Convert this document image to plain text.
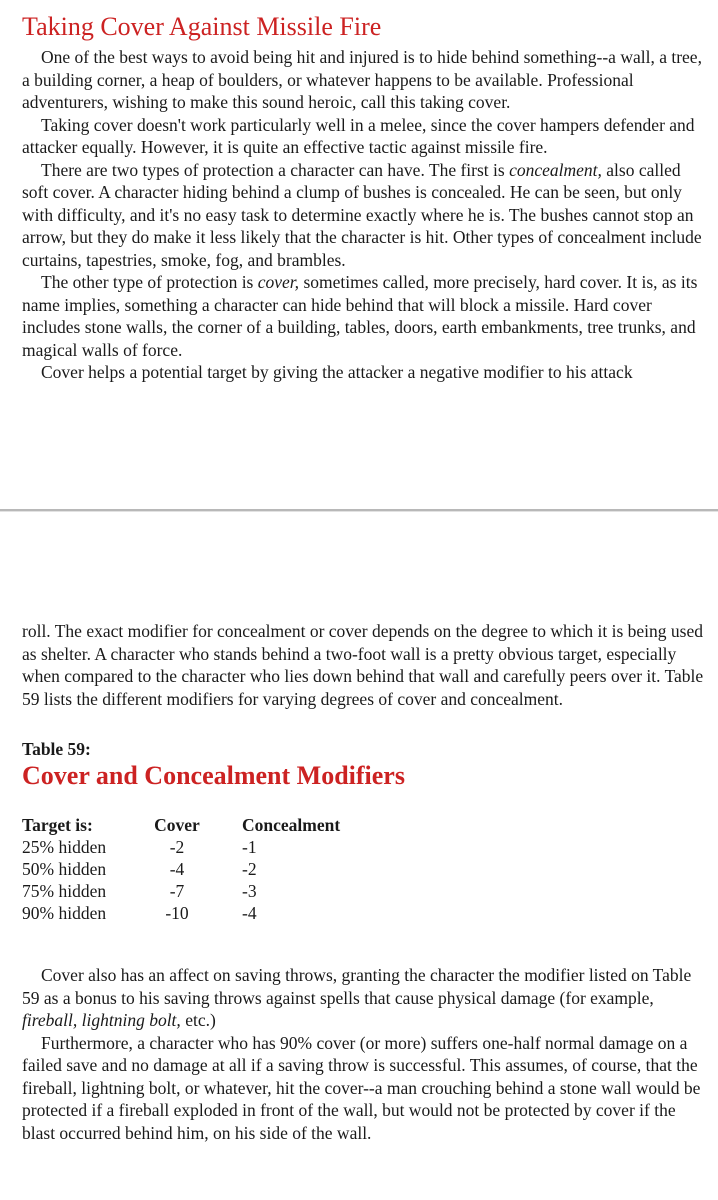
Taking Cover Against Missile Fire

One of the best ways to avoid being hit and injured is to hide behind something--a wall, a tree, a building corner, a heap of boulders, or whatever happens to be available. Professional adventurers, wishing to make this sound heroic, call this taking cover.

Taking cover doesn't work particularly well in a melee, since the cover hampers defender and attacker equally. However, it is quite an effective tactic against missile fire.

There are two types of protection a character can have. The first is concealment, also called soft cover. A character hiding behind a clump of bushes is concealed. He can be seen, but only with difficulty, and it's no easy task to determine exactly where he is. The bushes cannot stop an arrow, but they do make it less likely that the character is hit. Other types of concealment include curtains, tapestries, smoke, fog, and brambles.

The other type of protection is cover, sometimes called, more precisely, hard cover. It is, as its name implies, something a character can hide behind that will block a missile. Hard cover includes stone walls, the corner of a building, tables, doors, earth embankments, tree trunks, and magical walls of force.

Cover helps a potential target by giving the attacker a negative modifier to his attack

roll. The exact modifier for concealment or cover depends on the degree to which it is being used as shelter. A character who stands behind a two-foot wall is a pretty obvious target, especially when compared to the character who lies down behind that wall and carefully peers over it. Table 59 lists the different modifiers for varying degrees of cover and concealment.

Table 59:
Cover and Concealment Modifiers
Target is:	Cover	Concealment
25% hidden	-2	-1
50% hidden	-4	-2
75% hidden	-7	-3
90% hidden	-10	-4

Cover also has an affect on saving throws, granting the character the modifier listed on Table 59 as a bonus to his saving throws against spells that cause physical damage (for example, fireball, lightning bolt, etc.)

Furthermore, a character who has 90% cover (or more) suffers one-half normal damage on a failed save and no damage at all if a saving throw is successful. This assumes, of course, that the fireball, lightning bolt, or whatever, hit the cover--a man crouching behind a stone wall would be protected if a fireball exploded in front of the wall, but would not be protected by cover if the blast occurred behind him, on his side of the wall.
